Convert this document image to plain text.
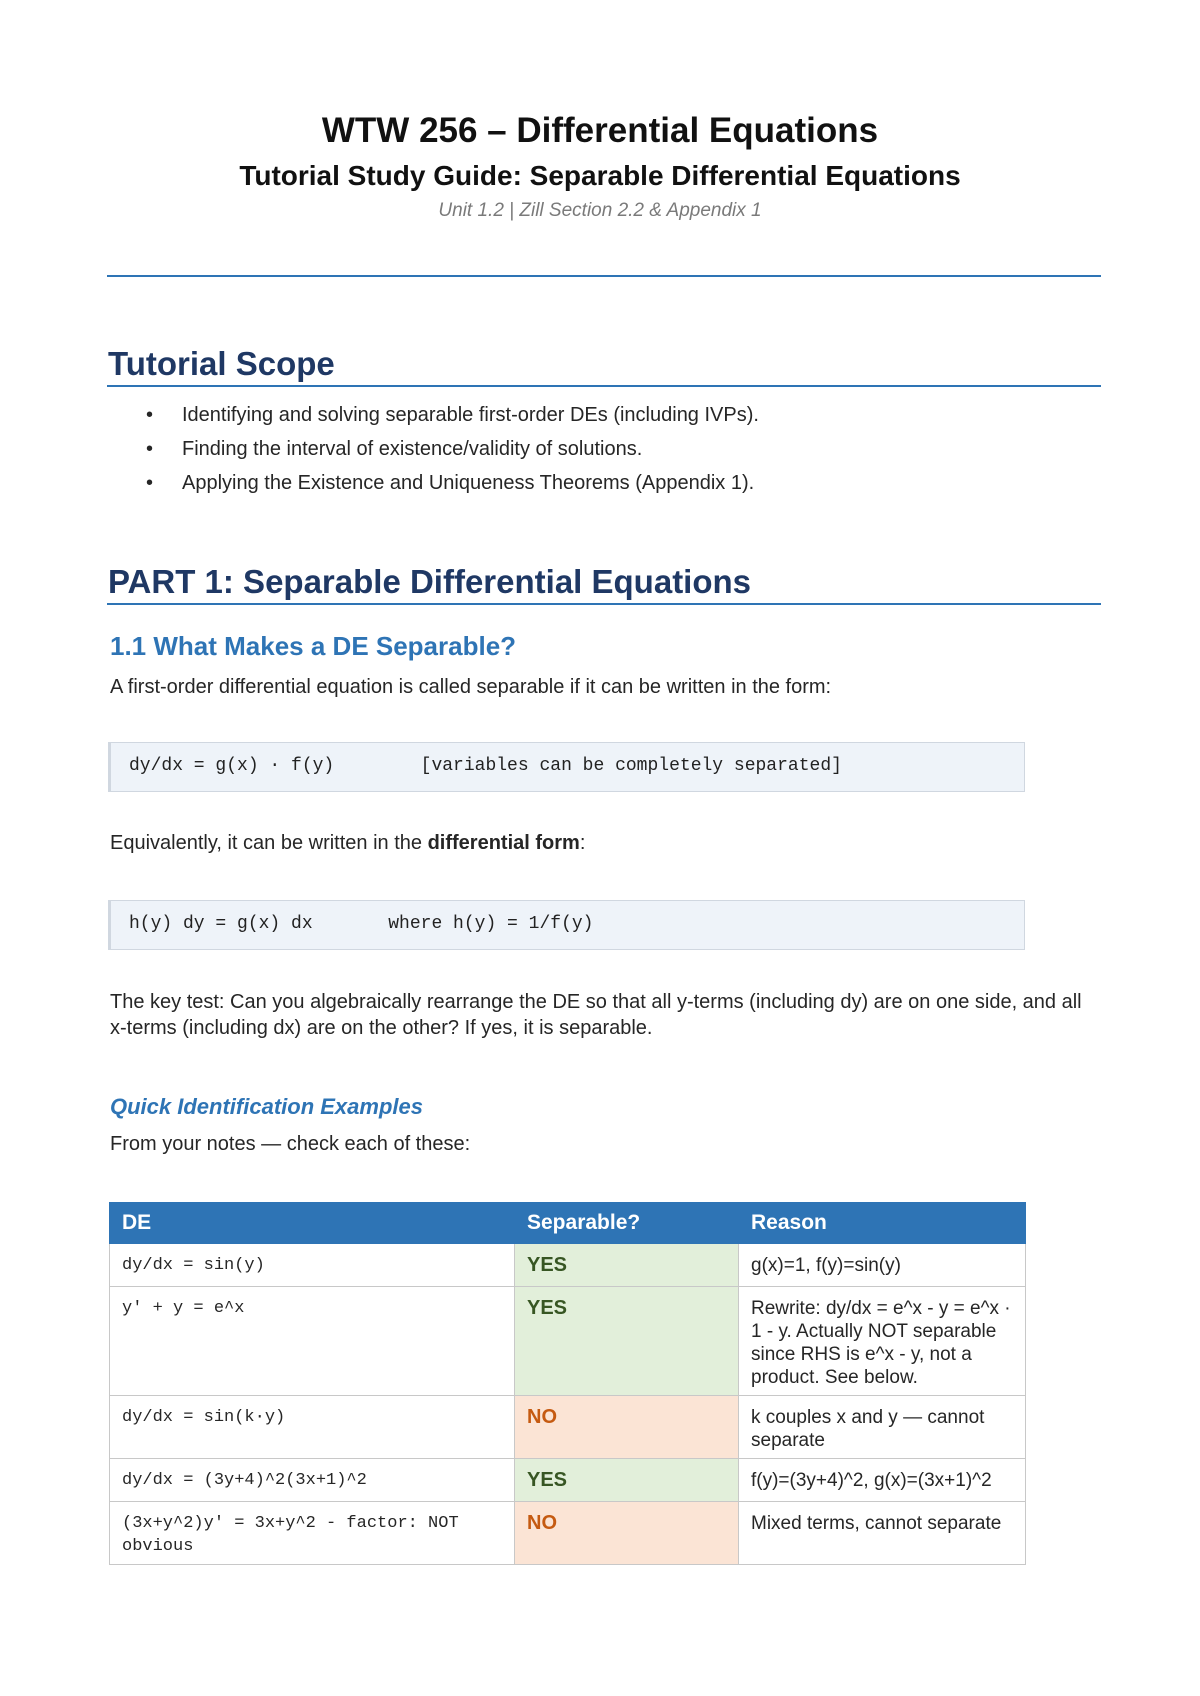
WTW 256 – Differential Equations
Tutorial Study Guide: Separable Differential Equations
Unit 1.2 | Zill Section 2.2 & Appendix 1
Tutorial Scope
• Identifying and solving separable first-order DEs (including IVPs).
• Finding the interval of existence/validity of solutions.
• Applying the Existence and Uniqueness Theorems (Appendix 1).
PART 1: Separable Differential Equations
1.1 What Makes a DE Separable?
A first-order differential equation is called separable if it can be written in the form:
dy/dx = g(x) · f(y)        [variables can be completely separated]
Equivalently, it can be written in the differential form:
h(y) dy = g(x) dx       where h(y) = 1/f(y)
The key test: Can you algebraically rearrange the DE so that all y-terms (including dy) are on one side, and all x-terms (including dx) are on the other? If yes, it is separable.
Quick Identification Examples
From your notes — check each of these:
DE	Separable?	Reason
dy/dx = sin(y)	YES	g(x)=1, f(y)=sin(y)
y' + y = e^x	YES	Rewrite: dy/dx = e^x - y = e^x · 1 - y. Actually NOT separable since RHS is e^x - y, not a product. See below.
dy/dx = sin(k·y)	NO	k couples x and y — cannot separate
dy/dx = (3y+4)^2(3x+1)^2	YES	f(y)=(3y+4)^2, g(x)=(3x+1)^2
(3x+y^2)y' = 3x+y^2 - factor: NOT obvious	NO	Mixed terms, cannot separate
